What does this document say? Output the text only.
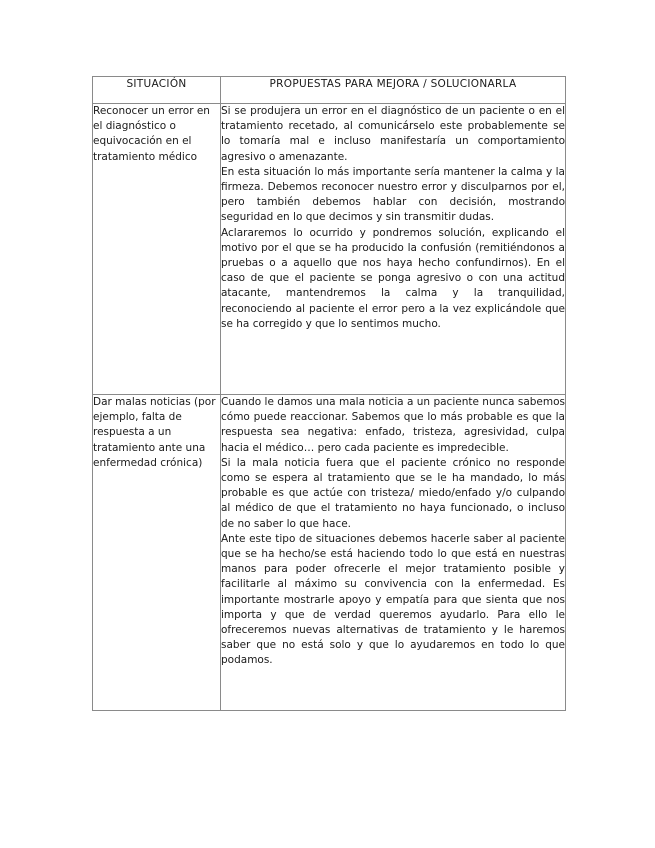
SITUACIÓN	PROPUESTAS PARA MEJORA / SOLUCIONARLA
Reconocer un error en el diagnóstico o equivocación en el tratamiento médico	Si se produjera un error en el diagnóstico de un paciente o en el tratamiento recetado, al comunicárselo este probablemente se lo tomaría mal e incluso manifestaría un comportamiento agresivo o amenazante.

En esta situación lo más importante sería mantener la calma y la firmeza. Debemos reconocer nuestro error y disculparnos por el, pero también debemos hablar con decisión, mostrando seguridad en lo que decimos y sin transmitir dudas.

Aclararemos lo ocurrido y pondremos solución, explicando el motivo por el que se ha producido la confusión (remitiéndonos a pruebas o a aquello que nos haya hecho confundirnos). En el caso de que el paciente se ponga agresivo o con una actitud atacante, mantendremos la calma y la tranquilidad, reconociendo al paciente el error pero a la vez explicándole que se ha corregido y que lo sentimos mucho.

Dar malas noticias (por ejemplo, falta de respuesta a un tratamiento ante una enfermedad crónica)	Cuando le damos una mala noticia a un paciente nunca sabemos cómo puede reaccionar. Sabemos que lo más probable es que la respuesta sea negativa: enfado, tristeza, agresividad, culpa hacia el médico… pero cada paciente es impredecible.

Si la mala noticia fuera que el paciente crónico no responde como se espera al tratamiento que se le ha mandado, lo más probable es que actúe con tristeza/ miedo/enfado y/o culpando al médico de que el tratamiento no haya funcionado, o incluso de no saber lo que hace.

Ante este tipo de situaciones debemos hacerle saber al paciente que se ha hecho/se está haciendo todo lo que está en nuestras manos para poder ofrecerle el mejor tratamiento posible y facilitarle al máximo su convivencia con la enfermedad. Es importante mostrarle apoyo y empatía para que sienta que nos importa y que de verdad queremos ayudarlo. Para ello le ofreceremos nuevas alternativas de tratamiento y le haremos saber que no está solo y que lo ayudaremos en todo lo que podamos.
